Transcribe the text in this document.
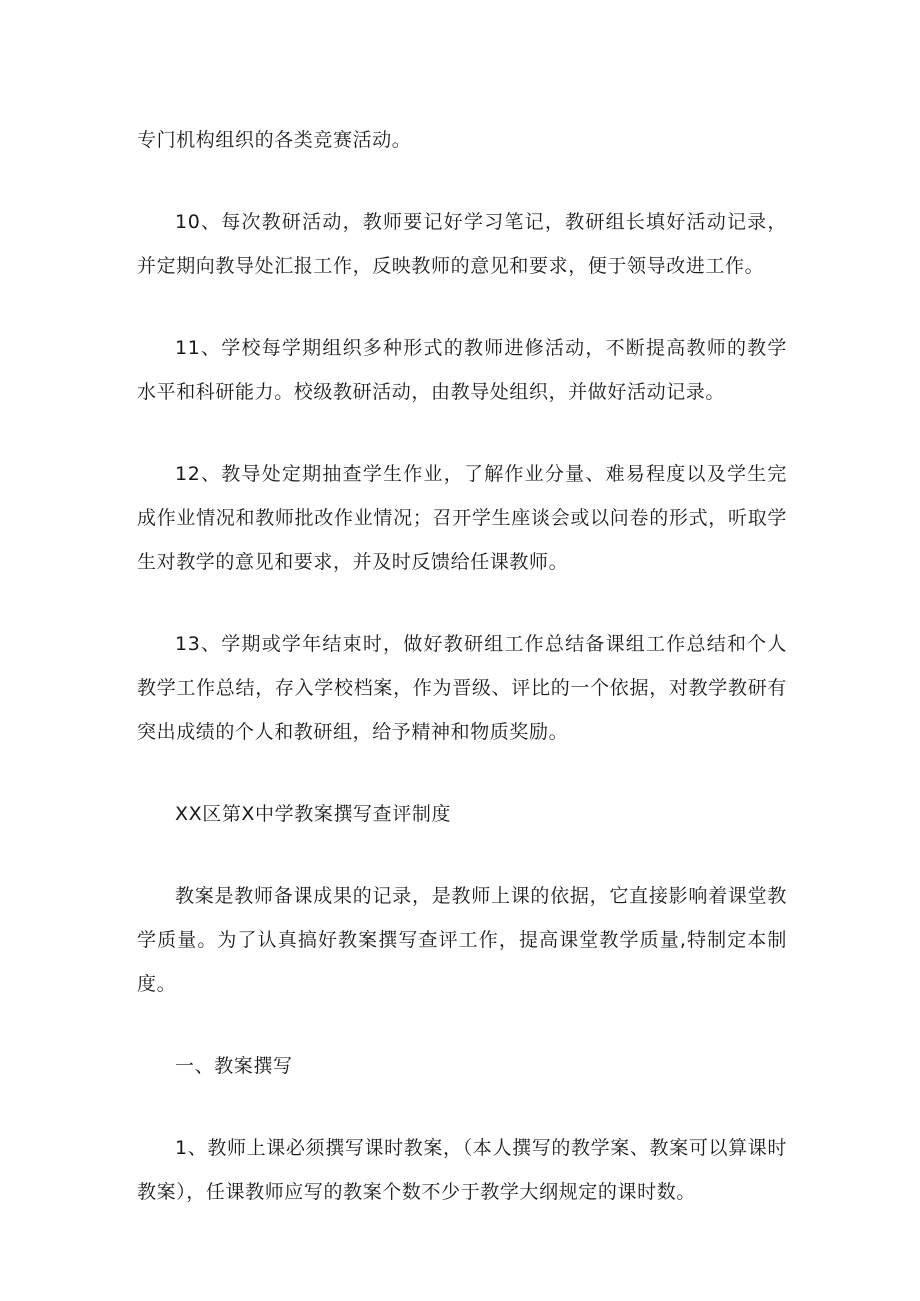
专门机构组织的各类竞赛活动。

10、每次教研活动，教师要记好学习笔记，教研组长填好活动记录，并定期向教导处汇报工作，反映教师的意见和要求，便于领导改进工作。

11、学校每学期组织多种形式的教师进修活动，不断提高教师的教学水平和科研能力。校级教研活动，由教导处组织，并做好活动记录。

12、教导处定期抽查学生作业，了解作业分量、难易程度以及学生完成作业情况和教师批改作业情况；召开学生座谈会或以问卷的形式，听取学生对教学的意见和要求，并及时反馈给任课教师。

13、学期或学年结束时，做好教研组工作总结备课组工作总结和个人教学工作总结，存入学校档案，作为晋级、评比的一个依据，对教学教研有突出成绩的个人和教研组，给予精神和物质奖励。

XX区第X中学教案撰写查评制度

教案是教师备课成果的记录，是教师上课的依据，它直接影响着课堂教学质量。为了认真搞好教案撰写查评工作，提高课堂教学质量,特制定本制度。

一、教案撰写

1、教师上课必须撰写课时教案，（本人撰写的教学案、教案可以算课时教案），任课教师应写的教案个数不少于教学大纲规定的课时数。
